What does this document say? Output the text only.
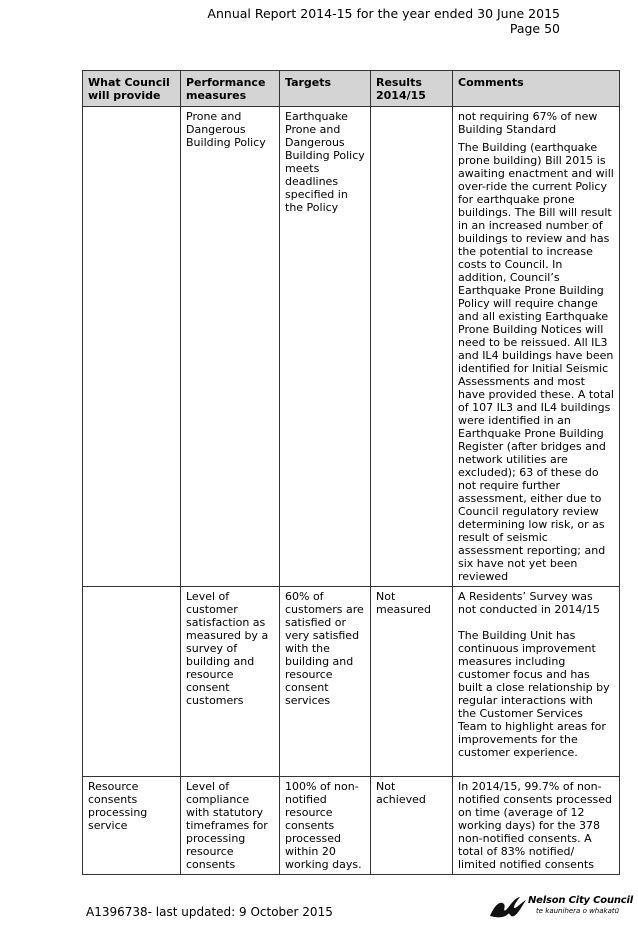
Annual Report 2014-15 for the year ended 30 June 2015
Page 50
What Council will provide	Performance measures	Targets	Results 2014/15	Comments
	Prone and Dangerous Building Policy	Earthquake Prone and Dangerous Building Policy meets deadlines specified in the Policy		not requiring 67% of new Building Standard

The Building (earthquake prone building) Bill 2015 is awaiting enactment and will over-ride the current Policy for earthquake prone buildings. The Bill will result in an increased number of buildings to review and has the potential to increase costs to Council. In addition, Council’s Earthquake Prone Building Policy will require change and all existing Earthquake Prone Building Notices will need to be reissued. All IL3 and IL4 buildings have been identified for Initial Seismic Assessments and most have provided these. A total of 107 IL3 and IL4 buildings were identified in an Earthquake Prone Building Register (after bridges and network utilities are excluded); 63 of these do not require further assessment, either due to Council regulatory review determining low risk, or as result of seismic assessment reporting; and six have not yet been reviewed

	Level of customer satisfaction as measured by a survey of building and resource consent customers	60% of customers are satisfied or very satisfied with the building and resource consent services	Not measured	A Residents’ Survey was not conducted in 2014/15

The Building Unit has continuous improvement measures including customer focus and has built a close relationship by regular interactions with the Customer Services Team to highlight areas for improvements for the customer experience.

Resource consents processing service	Level of compliance with statutory timeframes for processing resource consents	100% of non-notified resource consents processed within 20 working days.	Not achieved	In 2014/15, 99.7% of non-notified consents processed on time (average of 12 working days) for the 378 non-notified consents. A total of 83% notified/ limited notified consents

A1396738- last updated: 9 October 2015
Nelson City Council
te kaunihera o whakatū
